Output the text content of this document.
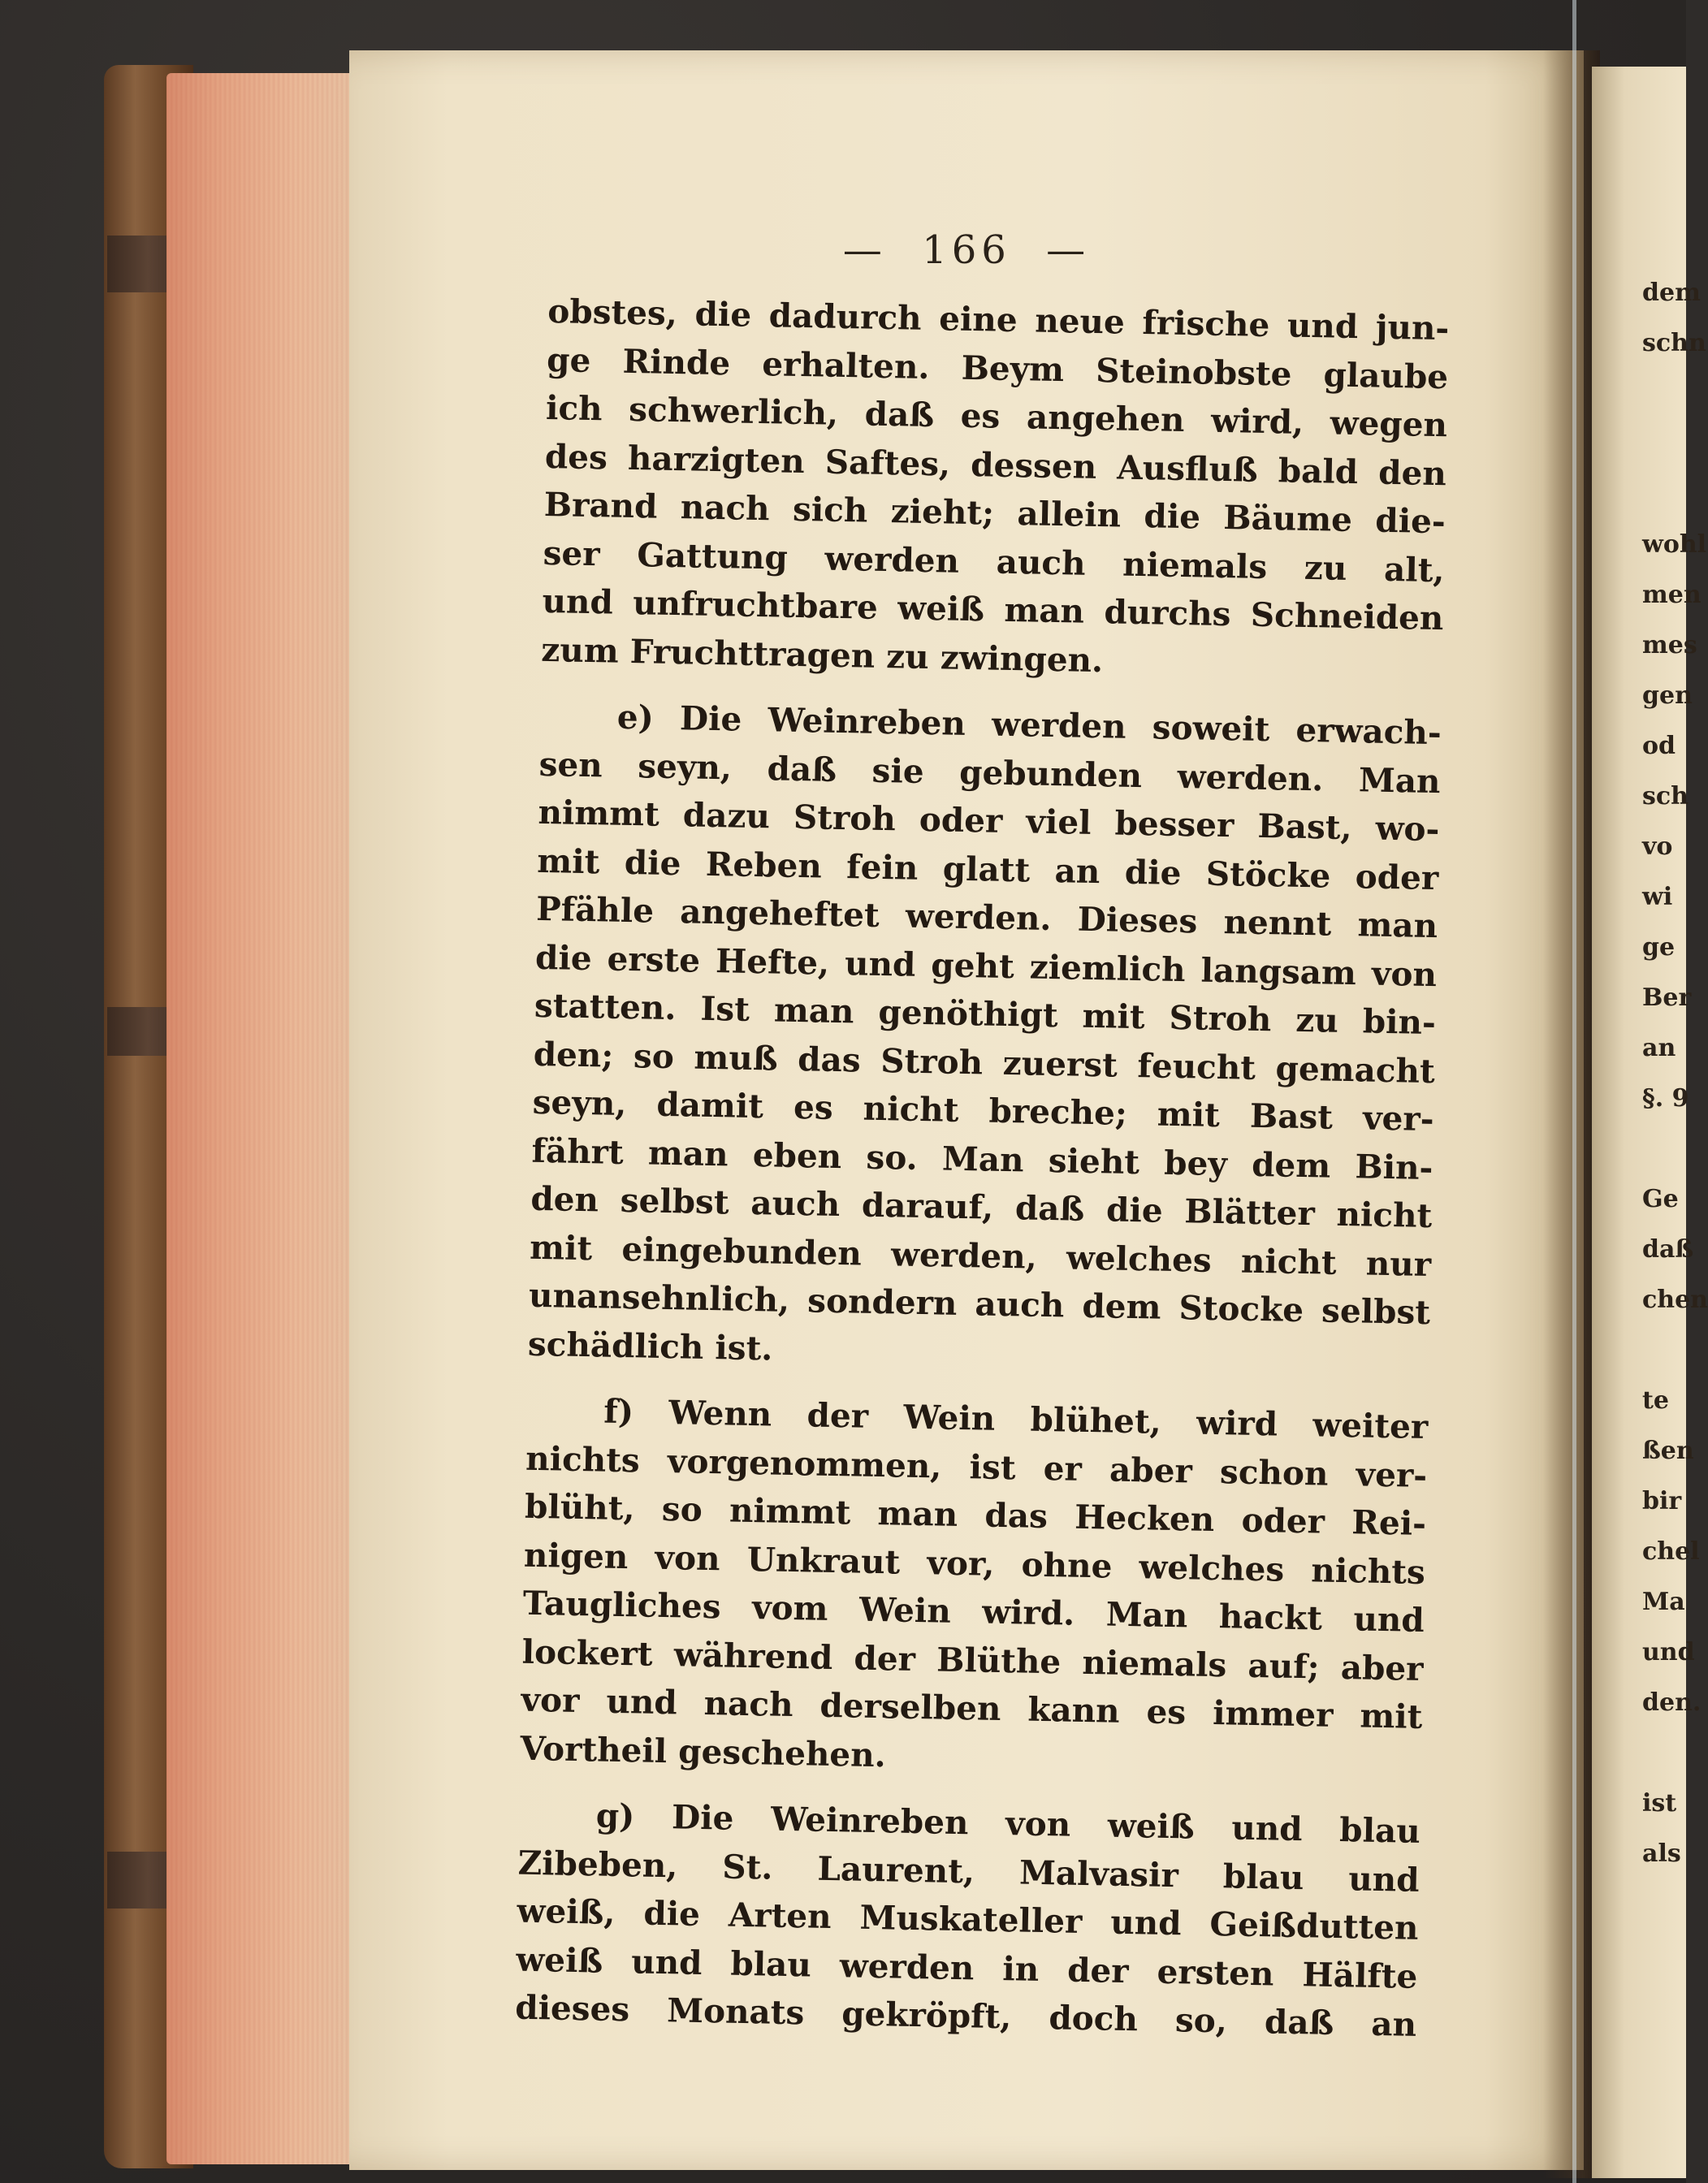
— 166 —
obstes, die dadurch eine neue frische und jun-
ge Rinde erhalten. Beym Steinobste glaube
ich schwerlich, daß es angehen wird, wegen
des harzigten Saftes, dessen Ausfluß bald den
Brand nach sich zieht; allein die Bäume die-
ser Gattung werden auch niemals zu alt,
und unfruchtbare weiß man durchs Schneiden
zum Fruchttragen zu zwingen.
e) Die Weinreben werden soweit erwach-
sen seyn, daß sie gebunden werden. Man
nimmt dazu Stroh oder viel besser Bast, wo-
mit die Reben fein glatt an die Stöcke oder
Pfähle angeheftet werden. Dieses nennt man
die erste Hefte, und geht ziemlich langsam von
statten. Ist man genöthigt mit Stroh zu bin-
den; so muß das Stroh zuerst feucht gemacht
seyn, damit es nicht breche; mit Bast ver-
fährt man eben so. Man sieht bey dem Bin-
den selbst auch darauf, daß die Blätter nicht
mit eingebunden werden, welches nicht nur
unansehnlich, sondern auch dem Stocke selbst
schädlich ist.
f) Wenn der Wein blühet, wird weiter
nichts vorgenommen, ist er aber schon ver-
blüht, so nimmt man das Hecken oder Rei-
nigen von Unkraut vor, ohne welches nichts
Taugliches vom Wein wird. Man hackt und
lockert während der Blüthe niemals auf; aber
vor und nach derselben kann es immer mit
Vortheil geschehen.
g) Die Weinreben von weiß und blau
Zibeben, St. Laurent, Malvasir blau und
weiß, die Arten Muskateller und Geißdutten
weiß und blau werden in der ersten Hälfte
dieses Monats gekröpft, doch so, daß an
dem
schn
wohl
men
mes
gen
od
sch
vo
wi
ge
Ber
an
§. 9
Ge
daß
chen
te
ßen
bir
chel
Ma
und
den.
ist
als
